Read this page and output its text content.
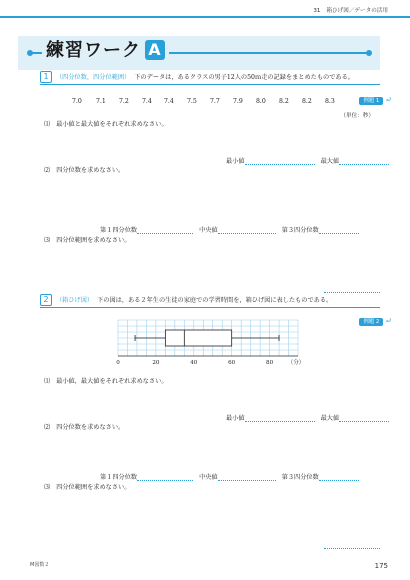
31 箱ひげ図／データの活用
練習ワーク A
1 （四分位数，四分位範囲） 下のデータは，あるクラスの男子12人の50ｍ走の記録をまとめたものである。
例題 1 ⤾
7.0 7.1 7.2 7.4 7.4 7.5 7.7 7.9 8.0 8.2 8.2 8.3
（単位：秒）
⑴ 最小値と最大値をそれぞれ求めなさい。
最小値	最大値
⑵ 四分位数を求めなさい。
第１四分位数	中央値	第３四分位数
⑶ 四分位範囲を求めなさい。
2 （箱ひげ図） 下の図は，ある２年生の生徒の家庭での学習時間を，箱ひげ図に表したものである。
例題 2 ⤾
0	20	40	60	80	（分）
⑴ 最小値，最大値をそれぞれ求めなさい。
最小値	最大値
⑵ 四分位数を求めなさい。
第１四分位数	中央値	第３四分位数
⑶ 四分位範囲を求めなさい。
M図数２	175
